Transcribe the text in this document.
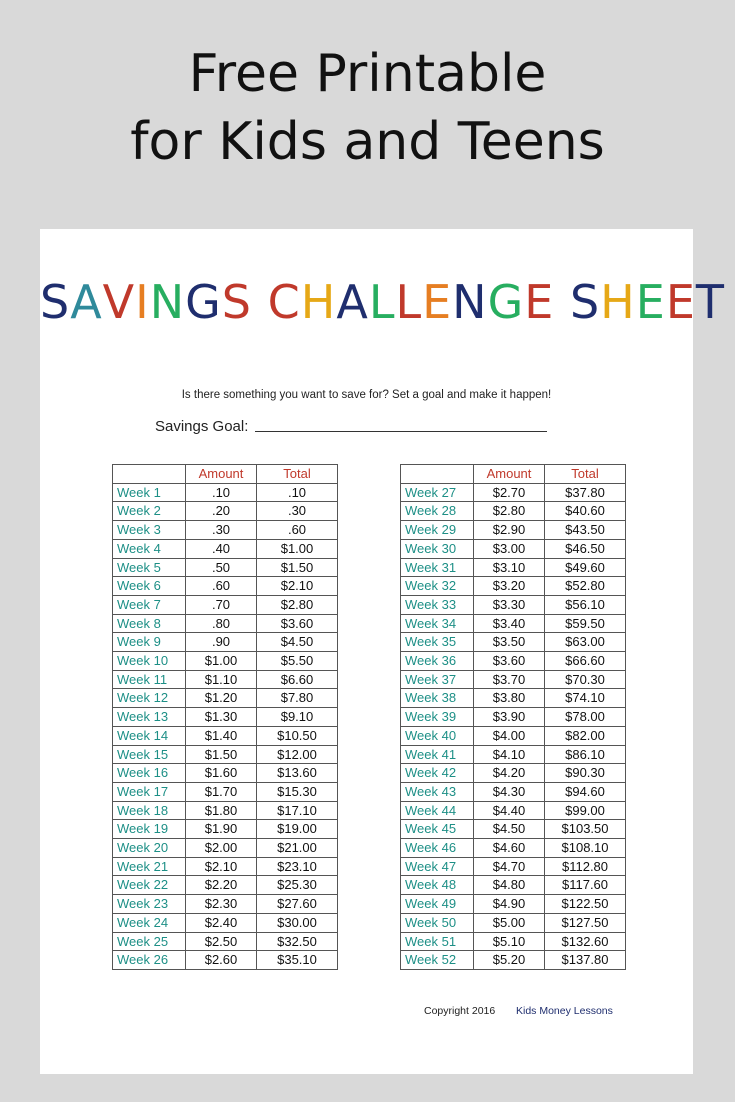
Free Printable
for Kids and Teens
SAVINGS CHALLENGE SHEET
Is there something you want to save for? Set a goal and make it happen!
Savings Goal:
	Amount	Total
Week 1	.10	.10
Week 2	.20	.30
Week 3	.30	.60
Week 4	.40	$1.00
Week 5	.50	$1.50
Week 6	.60	$2.10
Week 7	.70	$2.80
Week 8	.80	$3.60
Week 9	.90	$4.50
Week 10	$1.00	$5.50
Week 11	$1.10	$6.60
Week 12	$1.20	$7.80
Week 13	$1.30	$9.10
Week 14	$1.40	$10.50
Week 15	$1.50	$12.00
Week 16	$1.60	$13.60
Week 17	$1.70	$15.30
Week 18	$1.80	$17.10
Week 19	$1.90	$19.00
Week 20	$2.00	$21.00
Week 21	$2.10	$23.10
Week 22	$2.20	$25.30
Week 23	$2.30	$27.60
Week 24	$2.40	$30.00
Week 25	$2.50	$32.50
Week 26	$2.60	$35.10
	Amount	Total
Week 27	$2.70	$37.80
Week 28	$2.80	$40.60
Week 29	$2.90	$43.50
Week 30	$3.00	$46.50
Week 31	$3.10	$49.60
Week 32	$3.20	$52.80
Week 33	$3.30	$56.10
Week 34	$3.40	$59.50
Week 35	$3.50	$63.00
Week 36	$3.60	$66.60
Week 37	$3.70	$70.30
Week 38	$3.80	$74.10
Week 39	$3.90	$78.00
Week 40	$4.00	$82.00
Week 41	$4.10	$86.10
Week 42	$4.20	$90.30
Week 43	$4.30	$94.60
Week 44	$4.40	$99.00
Week 45	$4.50	$103.50
Week 46	$4.60	$108.10
Week 47	$4.70	$112.80
Week 48	$4.80	$117.60
Week 49	$4.90	$122.50
Week 50	$5.00	$127.50
Week 51	$5.10	$132.60
Week 52	$5.20	$137.80
Copyright 2016 Kids Money Lessons
